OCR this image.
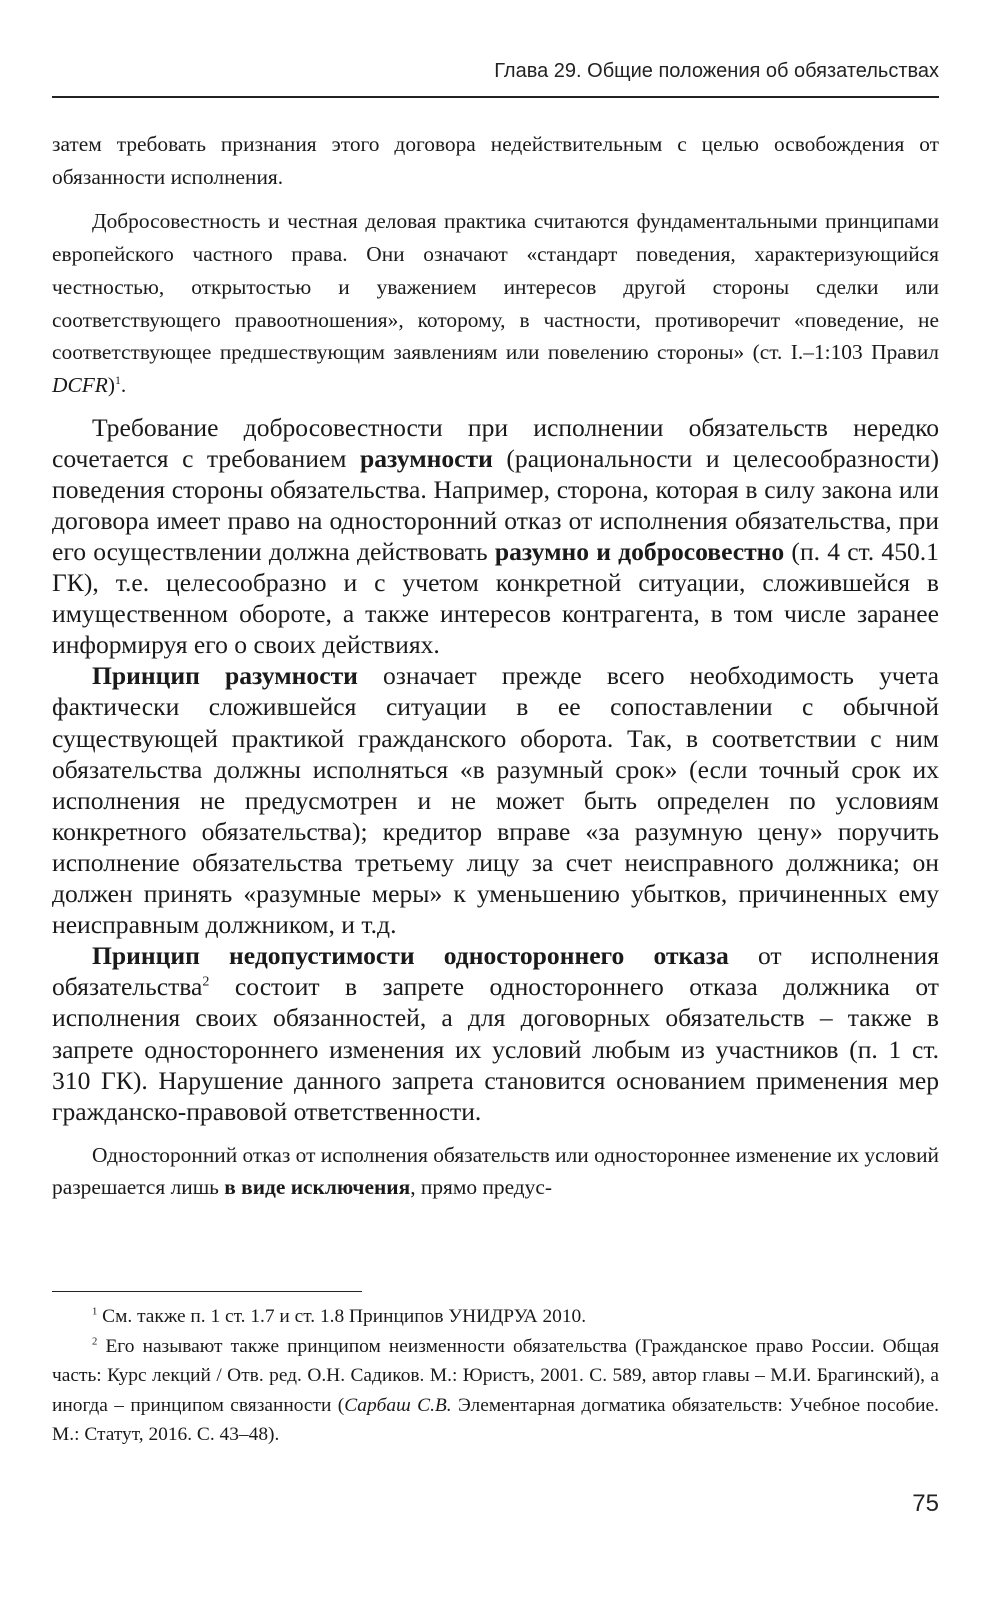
Глава 29. Общие положения об обязательствах

затем требовать признания этого договора недействительным с целью освобождения от обязанности исполнения.

Добросовестность и честная деловая практика считаются фундаментальными принципами европейского частного права. Они означают «стандарт поведения, характеризующийся честностью, открытостью и уважением интересов другой стороны сделки или соответствующего правоотношения», которому, в частности, противоречит «поведение, не соответствующее предшествующим заявлениям или повелению стороны» (ст. I.–1:103 Правил DCFR)$^1$.

Требование добросовестности при исполнении обязательств нередко сочетается с требованием разумности (рациональности и целесообразности) поведения стороны обязательства. Например, сторона, которая в силу закона или договора имеет право на односторонний отказ от исполнения обязательства, при его осуществлении должна действовать разумно и добросовестно (п. 4 ст. 450.1 ГК), т.е. целесообразно и с учетом конкретной ситуации, сложившейся в имущественном обороте, а также интересов контрагента, в том числе заранее информируя его о своих действиях.

Принцип разумности означает прежде всего необходимость учета фактически сложившейся ситуации в ее сопоставлении с обычной существующей практикой гражданского оборота. Так, в соответствии с ним обязательства должны исполняться «в разумный срок» (если точный срок их исполнения не предусмотрен и не может быть определен по условиям конкретного обязательства); кредитор вправе «за разумную цену» поручить исполнение обязательства третьему лицу за счет неисправного должника; он должен принять «разумные меры» к уменьшению убытков, причиненных ему неисправным должником, и т.д.

Принцип недопустимости одностороннего отказа от исполнения обязательства$^2$ состоит в запрете одностороннего отказа должника от исполнения своих обязанностей, а для договорных обязательств – также в запрете одностороннего изменения их условий любым из участников (п. 1 ст. 310 ГК). Нарушение данного запрета становится основанием применения мер гражданско-правовой ответственности.

Односторонний отказ от исполнения обязательств или одностороннее изменение их условий разрешается лишь в виде исключения, прямо предус-

$^1$ См. также п. 1 ст. 1.7 и ст. 1.8 Принципов УНИДРУА 2010.

$^2$ Его называют также принципом неизменности обязательства (Гражданское право России. Общая часть: Курс лекций / Отв. ред. О.Н. Садиков. М.: Юристъ, 2001. С. 589, автор главы – М.И. Брагинский), а иногда – принципом связанности (Сарбаш С.В. Элементарная догматика обязательств: Учебное пособие. М.: Статут, 2016. С. 43–48).

75
